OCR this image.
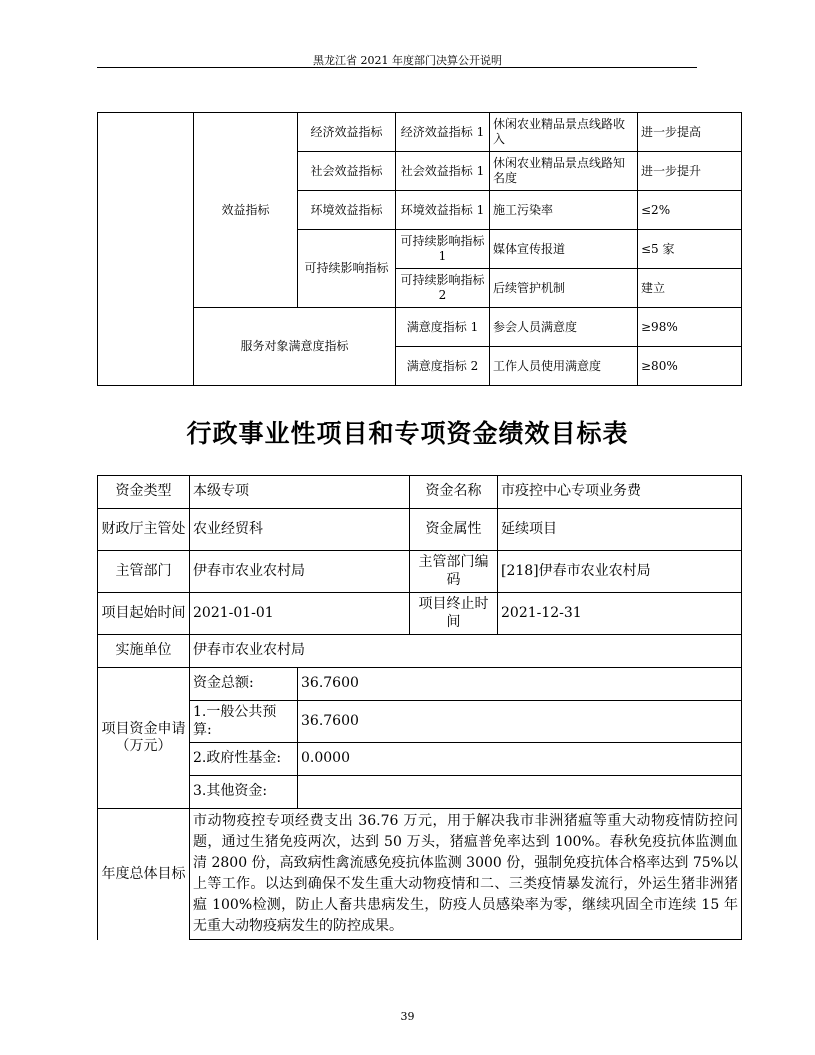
黑龙江省 2021 年度部门决算公开说明
	效益指标	经济效益指标	经济效益指标 1	休闲农业精品景点线路收入	进一步提高
		社会效益指标	社会效益指标 1	休闲农业精品景点线路知名度	进一步提升
		环境效益指标	环境效益指标 1	施工污染率	≤2%
		可持续影响指标	可持续影响指标 1	媒体宣传报道	≤5 家
			可持续影响指标 2	后续管护机制	建立
	服务对象满意度指标		满意度指标 1	参会人员满意度	≥98%
			满意度指标 2	工作人员使用满意度	≥80%
行政事业性项目和专项资金绩效目标表
资金类型	本级专项		资金名称	市疫控中心专项业务费
财政厅主管处	农业经贸科		资金属性	延续项目
主管部门	伊春市农业农村局		主管部门编码	[218]伊春市农业农村局
项目起始时间	2021-01-01		项目终止时间	2021-12-31
实施单位	伊春市农业农村局			
项目资金申请
（万元）	资金总额:	36.7600		
	1.一般公共预算:	36.7600		
	2.政府性基金:	0.0000		
	3.其他资金:			
年度总体目标	市动物疫控专项经费支出 36.76 万元，用于解决我市非洲猪瘟等重大动物疫情防控问题，通过生猪免疫两次，达到 50 万头，猪瘟普免率达到 100%。春秋免疫抗体监测血清 2800 份，高致病性禽流感免疫抗体监测 3000 份，强制免疫抗体合格率达到 75%以上等工作。以达到确保不发生重大动物疫情和二、三类疫情暴发流行，外运生猪非洲猪瘟 100%检测，防止人畜共患病发生，防疫人员感染率为零，继续巩固全市连续 15 年无重大动物疫病发生的防控成果。			
39
